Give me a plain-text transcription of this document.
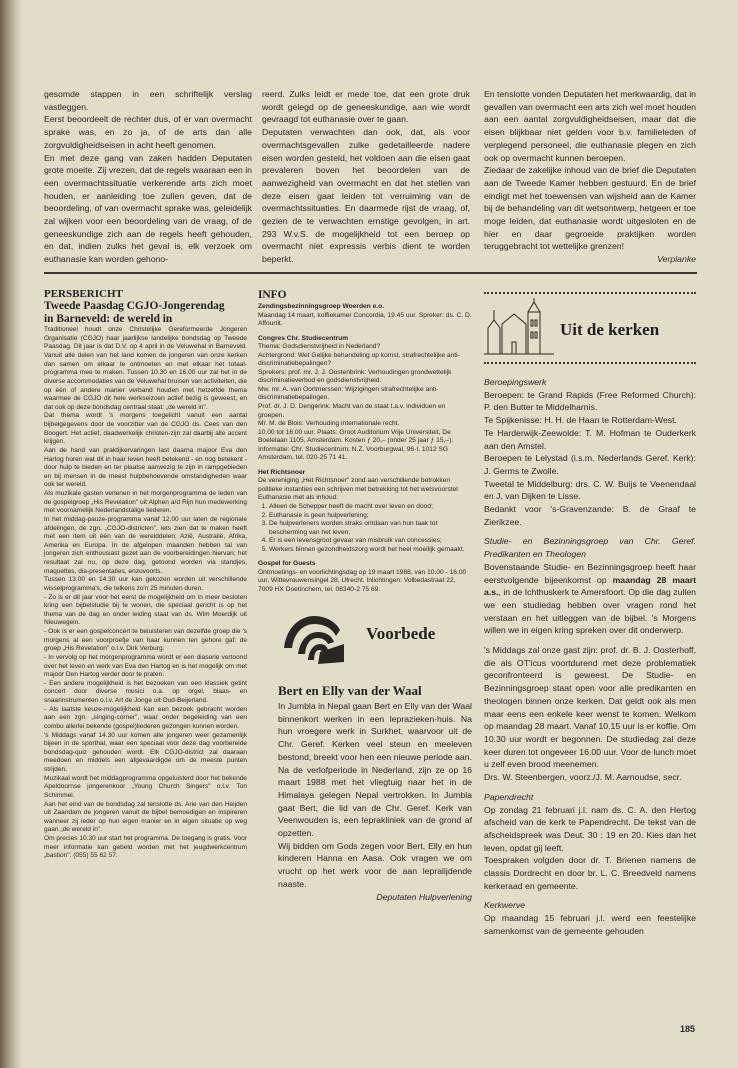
gesomde stappen in een schriftelijk verslag vastleggen.
Eerst beoordeelt de rechter dus, of er van overmacht sprake was, en zo ja, of de arts dan alle zorgvuldigheidseisen in acht heeft genomen.
En met deze gang van zaken hadden Deputaten grote moeite. Zij vrezen, dat de regels waaraan een in een overmachtssituatie verkerende arts zich moet houden, er aanleiding toe zullen geven, dat de beoordeling, of van overmacht sprake was, geleidelijk zal wijken voor een beoordeling van de vraag, of de geneeskundige zich aan de regels heeft gehouden, en dat, indien zulks het geval is, elk verzoek om euthanasie kan worden gehono-
reerd. Zulks leidt er mede toe, dat een grote druk wordt gelegd op de geneeskundige, aan wie wordt gevraagd tot euthanasie over te gaan.
Deputaten verwachten dan ook, dat, als voor overmachtsgevallen zulke gedetailleerde nadere eisen worden gesteld, het voldoen aan die eisen gaat prevaleren boven het beoordelen van de aanwezigheid van overmacht en dat het stellen van deze eisen gaat leiden tot verruiming van de overmachtssituaties. En daarmede rijst de vraag, of, gezien de te verwachten ernstige gevolgen, in art. 293 W.v.S. de mogelijkheid tot een beroep op overmacht niet expressis verbis dient te worden beperkt.
En tenslotte vonden Deputaten het merkwaardig, dat in gevallen van overmacht een arts zich wel moet houden aan een aantal zorgvuldigheidseisen, maar dat die eisen blijkbaar niet gelden voor b.v. familieleden of verplegend personeel, die euthanasie plegen en zich ook op overmacht kunnen beroepen.
Ziedaar de zakelijke inhoud van de brief die Deputaten aan de Tweede Kamer hebben gestuurd. En de brief eindigt met het toewensen van wijsheid aan de Kamer bij de behandeling van dit wetsontwerp, hetgeen er toe moge leiden, dat euthanasie wordt uitgesloten en de hier en daar gegroeide praktijken worden teruggebracht tot wettelijke grenzen!
Verplanke
PERSBERICHT
Tweede Paasdag CGJO-Jongerendag
in Barneveld: de wereld in
Traditioneel houdt onze Christelijke Gereformeerde Jongeren Organisatie (CGJO) haar jaarlijkse landelijke bondsdag op Tweede Paasdag. Dit jaar is dat D.V. op 4 april in de Veluwehal in Barneveld. Vanuit alle delen van het land komen de jongeren van onze kerken dan samen om elkaar te ontmoeten en met elkaar het totaal-programma mee te maken. Tussen 10.30 en 16.00 uur zal het in de diverse accommodaties van de Veluwehal bruisen van activiteiten, die op één of andere manier verband houden met hetzelfde thema waarmee de CGJO dit hele werkseizoen actief bezig is geweest, en dat ook op deze bondsdag centraal staat: „de wereld in".
Dat thema wordt 's morgens toegelicht vanuit een aantal bijbelgegevens door de voorzitter van de CGJO ds. Cees van den Boogert. Het actief, daadwerkelijk christen-zijn zal daarbij alle accent krijgen.
Aan de hand van praktijkervaringen last daarna majoor Eva den Hartog horen wat dit in haar leven heeft betekend - en nog betekent - door hulp te bieden en ter plaatse aanwezig te zijn in rampgebieden en bij mensen in de meest hulpbehoevende omstandigheden waar ook ter wereld.
Als muzikale gasten verlenen in het morgenprogramma de leden van de gospelgroep „His Revelation" uit Alphen a/d Rijn hun medewerking met voornamelijk Nederlandstalige liederen.
In het middag-pauze-programma vanaf 12.00 uur laten de regionale afdelingen, de zgn. „CGJO-districten", iets zien dat te maken heeft met een item uit één van de werelddelen: Azië, Australië, Afrika, Amerika en Europa. In de afgelopen maanden hebben tal van jongeren zich enthousiast gezet aan de voorbereidingen hiervan; het resultaat zal nu, op deze dag, getoond worden via standjes, maquettes, dia-presentaties, enzovoorts.
Tussen 13.00 en 14.30 uur kan gekozen worden uit verschillende wisselprogramma's, die telkens zo'n 25 minuten duren.
- Zo is er dit jaar voor het eerst de mogelijkheid om in meer besloten kring een bijbelstudie bij te wonen, die speciaal gericht is op het thema van de dag en onder leiding staat van ds. Wim Moerdijk uit Nieuwegein.
- Ook is er een gospelconcert te beluisteren van dezelfde groep die 's morgens al een voorproefje van haar kunnen ten gehore gaf: de groep „His Revelation" o.l.v. Dirk Verburg.
- In vervolg op het morgenprogramma wordt er een diaserie vertoond over het leven en werk van Eva den Hartog en is het mogelijk om met majoor Den Hartog verder door te praten.
- Een andere mogelijkheid is het bezoeken van een klassiek getint concert door diverse musici o.a. op orgel, blaas- en snaarinstrumenten o.l.v. Art de Jonge uit Oud-Beijerland.
- Als laatste keuze-mogelijkheid kan een bezoek gebracht worden aan een zgn. „singing-corner", waar onder begeleiding van een combo allerlei bekende (gospel)liederen gezongen kunnen worden.
's Middags vanaf 14.30 uur komen alle jongeren weer gezamenlijk bijeen in de sporthal, waar een speciaal voor deze dag voorbereide bondsdag-quiz gehouden wordt. Elk CGJO-district zal daaraan meedoen en middels een afgevaardigde om de meeste punten strijden.
Muzikaal wordt het middagprogramma opgeluisterd door het bekende Apeldoornse jongerenkoor „Young Church Singers" o.l.v. Ton Schimmel.
Aan het eind van de bondsdag zal tenslotte ds. Arie van den Heijden uit Zaandam de jongeren vanuit de bijbel bemoedigen en inspireren wanneer zij ieder op hun eigen manier en in eigen situatie op weg gaan „de wereld in".
Om precies 10.30 uur start het programma. De toegang is gratis. Voor meer informatie kan gebeld worden met het jeugdwerkcentrum „bastion": (055) 55 62 57.
INFO
Zendingsbezinningsgroep Woerden e.o.
Maandag 14 maart, koffiekamer Concordia, 19.45 uur. Spreker: ds. C. D. Affourtit.
Congres Chr. Studiecentrum
Thema: Godsdienstvrijheid in Nederland?
Achtergrond: Wet Gelijke behandeling op komst, strafrechtelijke anti-discriminatiebepalingen?
Sprekers: prof. mr. J. J. Oostenbrink: Verhoudingen grondwettelijk discriminatieverbod en godsdienstvrijheid.
Mw. mr. A. van Oortmerssen: Wijzigingen strafrechtelijke anti-discriminatiebepalingen.
Prof. dr. J. D. Dengerink: Macht van de staat t.a.v. individuen en groepen.
Mr. M. de Blois: Verhouding internationale recht.
10.00 tot 16.00 uur. Plaats: Groot Auditorium Vrije Universiteit, De Boelelaan 1105, Amsterdam. Kosten ƒ 20,– (onder 25 jaar ƒ 15,–). Informatie: Chr. Studiecentrum; N.Z. Voorburgwal, 96-I, 1012 SG Amsterdam, tel. 020-25 71 41.
Het Richtsnoer
De vereniging „Het Richtsnoer" zond aan verschillende betrokken politieke instanties een schrijven met betrekking tot het wetsvoorstel Euthanasie met als inhoud:
1. Alleen de Schepper heeft de macht over leven en dood;
2. Euthanasie is geen hulpverlening;
3. De hulpverleners worden straks ontdaan van hun taak tot bescherming van het leven;
4. Er is een levensgroot gevaar van misbruik van concessies;
5. Werkers binnen gezondheidszorg wordt het heel moeilijk gemaakt.
Gospel for Guests
Ontmoetings- en voorlichtingsdag op 19 maart 1988, van 10.00 - 16.00 uur, Wittevrouwensingel 28, Utrecht. Inlichtingen: Volbedastraat 22, 7009 HX Doetinchem, tel. 08340-2 75 69.
Voorbede
Bert en Elly van der Waal
In Jumbla in Nepal gaan Bert en Elly van der Waal binnenkort werken in een leprazieken-huis. Na hun vroegere werk in Surkhet, waarvoor uit de Chr. Geref. Kerken veel steun en meeleven bestond, breekt voor hen een nieuwe periode aan. Na de verlofperiode in Nederland, zijn ze op 16 maart 1988 met het vliegtuig naar het in de Himalaya gelegen Nepal vertrokken. In Jumbla gaat Bert, die lid van de Chr. Geref. Kerk van Veenwouden is, een leprakliniek van de grond af opzetten.
Wij bidden om Gods zegen voor Bert, Elly en hun kinderen Hanna en Aasa. Ook vragen we om vrucht op het werk voor de aan lepralijdende naaste.
Deputaten Hulpverlening
Uit de kerken
Beroepingswerk
Beroepen: te Grand Rapids (Free Reformed Church): P. den Butter te Middelharnis.
Te Spijkenisse: H. H. de Haan te Rotterdam-West.
Te Harderwijk-Zeewolde: T. M. Hofman te Ouderkerk aan den Amstel.
Beroepen te Lelystad (i.s.m. Nederlands Geref. Kerk): J. Germs te Zwolle.
Tweetal te Middelburg: drs. C. W. Buijs te Veenendaal en J. van Dijken te Lisse.
Bedankt voor 's-Gravenzande: B. de Graaf te Zierikzee.
Studie- en Bezinningsgroep van Chr. Geref. Predikanten en Theologen
Bovenstaande Studie- en Bezinningsgroep heeft haar eerstvolgende bijeenkomst op maandag 28 maart a.s., in de Ichthuskerk te Amersfoort. Op die dag zullen we een studiedag hebben over vragen rond het verstaan en het uitleggen van de bijbel. 's Morgens willen we in eigen kring spreken over dit onderwerp.
's Middags zal onze gast zijn: prof. dr. B. J. Oosterhoff, die als OT'icus voortdurend met deze problematiek geconfronteerd is geweest. De Studie- en Bezinningsgroep staat open voor alle predikanten en theologen binnen onze kerken. Dat geldt ook als men maar eens een enkele keer wenst te komen. Welkom op maandag 28 maart. Vanaf 10.15 uur is er koffie. Om 10.30 uur wordt er begonnen. De studiedag zal deze keer duren tot ongeveer 16.00 uur. Voor de lunch moet u zelf even brood meenemen.
Drs. W. Steenbergen, voorz./J. M. Aarnoudse, secr.
Papendrecht
Op zondag 21 februari j.l. nam ds. C. A. den Hertog afscheid van de kerk te Papendrecht. De tekst van de afscheidspreek was Deut. 30 : 19 en 20. Kies dan het leven, opdat gij leeft.
Toespraken volgden door dr. T. Brienen namens de classis Dordrecht en door br. L. C. Breedveld namens kerkeraad en gemeente.
Kerkwerve
Op maandag 15 februari j.l. werd een feestelijke samenkomst van de gemeente gehouden
185
